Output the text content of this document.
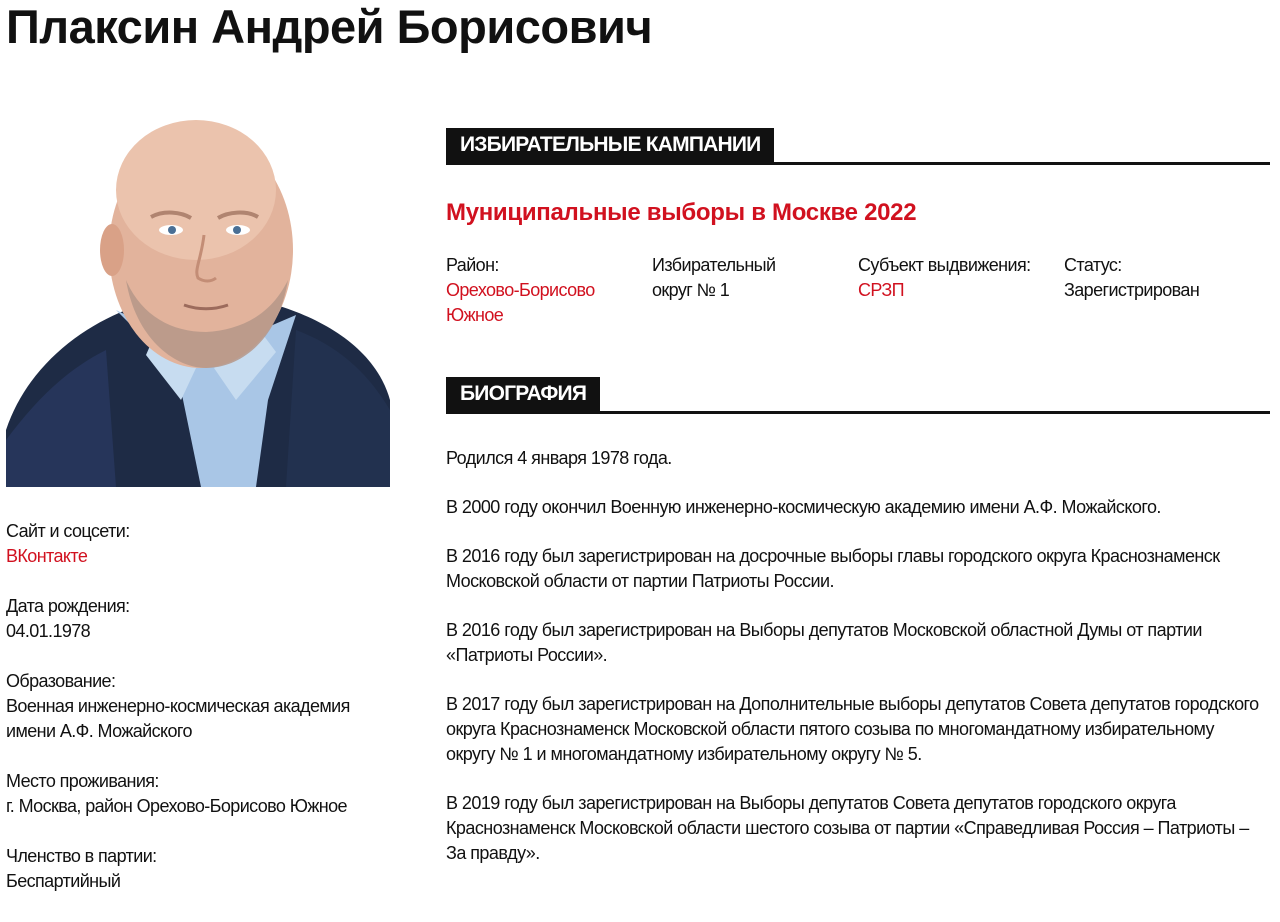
Плаксин Андрей Борисович
Сайт и соцсети:
ВКонтакте
Дата рождения:
04.01.1978
Образование:
Военная инженерно-космическая академия
имени А.Ф. Можайского
Место проживания:
г. Москва, район Орехово-Борисово Южное
Членство в партии:
Беспартийный
ИЗБИРАТЕЛЬНЫЕ КАМПАНИИ
Муниципальные выборы в Москве 2022
Район:
Орехово-Борисово
Южное
Избирательный
округ № 1
Субъект выдвижения:
СРЗП
Статус:
Зарегистрирован
БИОГРАФИЯ

Родился 4 января 1978 года.

В 2000 году окончил Военную инженерно-космическую академию имени А.Ф. Можайского.

В 2016 году был зарегистрирован на досрочные выборы главы городского округа Краснознаменск Московской области от партии Патриоты России.

В 2016 году был зарегистрирован на Выборы депутатов Московской областной Думы от партии «Патриоты России».

В 2017 году был зарегистрирован на Дополнительные выборы депутатов Совета депутатов городского округа Краснознаменск Московской области пятого созыва по многомандатному избирательному округу № 1 и многомандатному избирательному округу № 5.

В 2019 году был зарегистрирован на Выборы депутатов Совета депутатов городского округа Краснознаменск Московской области шестого созыва от партии «Справедливая Россия – Патриоты – За правду».
